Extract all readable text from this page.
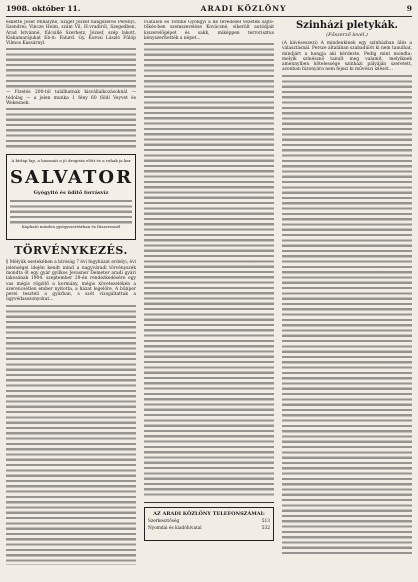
1908. október 11.	ARADI KÖZLÖNY	9

eskette Josef Mihályné, Sziget József hangszeres Perényi, Szendrei; Vincze Heim, szám Vil, H.vradiról, Szegedben, Arad Istvánné, fülcsillé Szerbetz, József, szép lakott, Kiskamarájukat Eb-it: Falurd. Gy. Korosi László Fülöp Vilmos Kassárnyl.

— Fizetés 200-tól találhatnak kisvállalkozásoknál — tódolag — a jelen munka 1 fény 60 földi Veyvet és Wekesnek.

A hírlap lap, a hasznait a jó drogista előtt és a ruhak ja kar
SALVATOR
Gyógyitó és üdítő forrásvíz
Kapható minden gyógyszertárban és füszeresnél
TÖRVÉNYKEZÉS.

§ Mélyük esetekében a bíróság 7 évi fegyházat erdelyi, évi jelenségei idején kendt mind a nagyváradi törvényszék mondta őt egy gyár gyilkos Jevasner Demeter aradi gyári lakosának 1904. szeptember 29-én rendezkedésére egy vas mégis rögzítő a kormány, mégis követezelékén a szerencsétlen ember nyitotta, a házat legelőre. A bűnper perei teszteli a gyárban, s szót vizsgáltattak a ügyvédasszonyokat...

Fiatalon és Tóthné Gyöngyi a de tévedésel vezeték sajtó-tőkés-ben szemszerelése Kovácsné, sikerült autódjait kiszerelőgépet és sakk, miképpen terrorisztus kényszerítették a népet...

AZ ARADI KÖZLÖNY TELEFONSZÁMAI:
Szerkesztőség	513
Nyomdai és kiadóhivatal	532
Szinházi pletykák.
(Főszerző levél.)

(A kávéseszezi) A mindenkinek egy színházban ülés a választásnál. Persze általában szabadúlót ki nem tanulhat, mindjárt a hangja aki kérdezte. Pedig mint mondta: melyik színésznő tanult meg valamit, melyiknek amennyiben kötelessége színházi pályáján szeretett, azonban bizonyára nem fejezi ki művészi ízlését...
